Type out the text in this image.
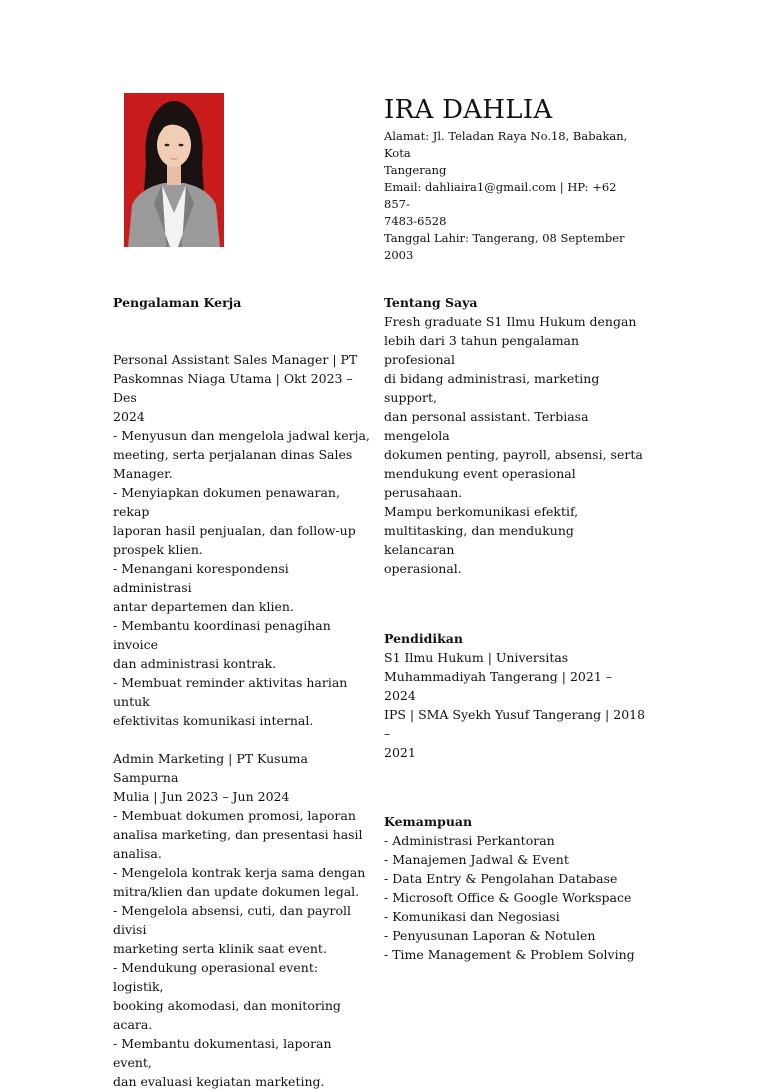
IRA DAHLIA
Alamat: Jl. Teladan Raya No.18, Babakan, Kota
Tangerang
Email: dahliaira1@gmail.com | HP: +62 857-
7483-6528
Tanggal Lahir: Tangerang, 08 September 2003

Pengalaman Kerja

Personal Assistant Sales Manager | PT

Paskomnas Niaga Utama | Okt 2023 – Des

2024

- Menyusun dan mengelola jadwal kerja,

meeting, serta perjalanan dinas Sales

Manager.

- Menyiapkan dokumen penawaran, rekap

laporan hasil penjualan, dan follow-up

prospek klien.

- Menangani korespondensi administrasi

antar departemen dan klien.

- Membantu koordinasi penagihan invoice

dan administrasi kontrak.

- Membuat reminder aktivitas harian untuk

efektivitas komunikasi internal.

Admin Marketing | PT Kusuma Sampurna

Mulia | Jun 2023 – Jun 2024

- Membuat dokumen promosi, laporan

analisa marketing, dan presentasi hasil

analisa.

- Mengelola kontrak kerja sama dengan

mitra/klien dan update dokumen legal.

- Mengelola absensi, cuti, dan payroll divisi

marketing serta klinik saat event.

- Mendukung operasional event: logistik,

booking akomodasi, dan monitoring acara.

- Membantu dokumentasi, laporan event,

dan evaluasi kegiatan marketing.

Tentang Saya

Fresh graduate S1 Ilmu Hukum dengan

lebih dari 3 tahun pengalaman profesional

di bidang administrasi, marketing support,

dan personal assistant. Terbiasa mengelola

dokumen penting, payroll, absensi, serta

mendukung event operasional perusahaan.

Mampu berkomunikasi efektif,

multitasking, dan mendukung kelancaran

operasional.

Pendidikan

S1 Ilmu Hukum | Universitas

Muhammadiyah Tangerang | 2021 – 2024

IPS | SMA Syekh Yusuf Tangerang | 2018 –

2021

Kemampuan

- Administrasi Perkantoran

- Manajemen Jadwal & Event

- Data Entry & Pengolahan Database

- Microsoft Office & Google Workspace

- Komunikasi dan Negosiasi

- Penyusunan Laporan & Notulen

- Time Management & Problem Solving
